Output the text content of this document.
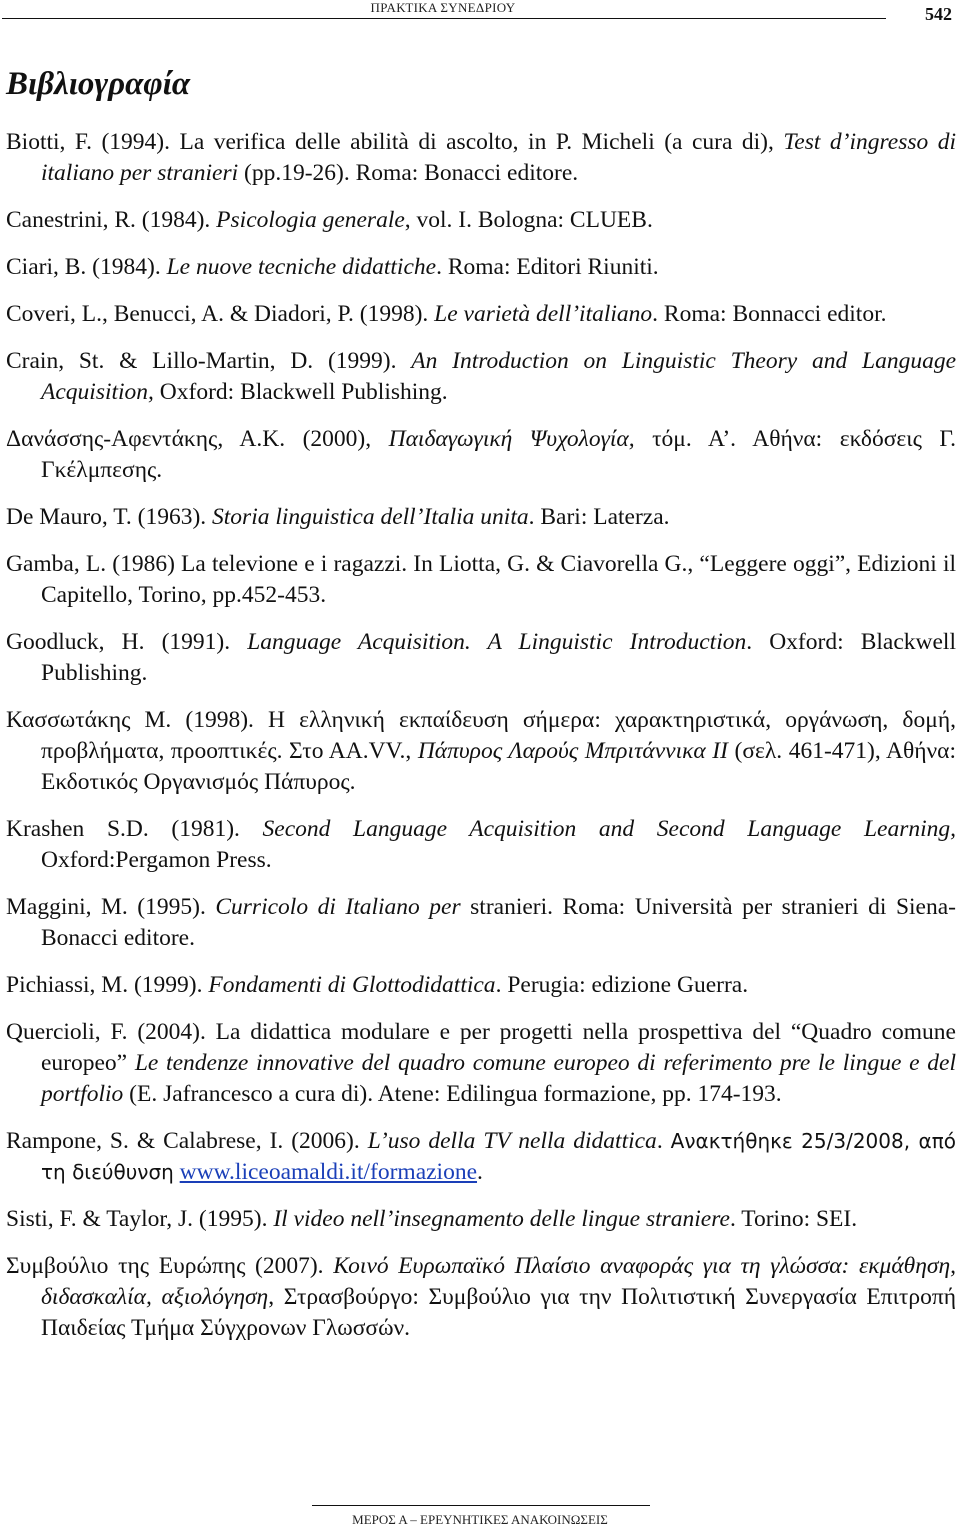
ΠΡΑΚΤΙΚΑ ΣΥΝΕΔΡΙΟΥ	542
Βιβλιογραφία

Biotti, F. (1994). La verifica delle abilità di ascolto, in P. Micheli (a cura di), Test d’ingresso di italiano per stranieri (pp.19-26). Roma: Bonacci editore.

Canestrini, R. (1984). Psicologia generale, vol. I. Bologna: CLUEB.

Ciari, B. (1984). Le nuove tecniche didattiche. Roma: Editori Riuniti.

Coveri, L., Benucci, A. & Diadori, P. (1998). Le varietà dell’italiano. Roma: Bonnacci editor.

Crain, St. & Lillo-Martin, D. (1999). An Introduction on Linguistic Theory and Language Acquisition, Oxford: Blackwell Publishing.

Δανάσσης-Αφεντάκης, Α.Κ. (2000), Παιδαγωγική Ψυχολογία, τόμ. Α’. Αθήνα: εκδόσεις Γ. Γκέλμπεσης.

De Mauro, T. (1963). Storia linguistica dell’Italia unita. Bari: Laterza.

Gamba, L. (1986) La televione e i ragazzi. In Liotta, G. & Ciavorella G., “Leggere oggi”, Edizioni il Capitello, Torino, pp.452-453.

Goodluck, H. (1991). Language Acquisition. A Linguistic Introduction. Oxford: Blackwell Publishing.

Κασσωτάκης Μ. (1998). Η ελληνική εκπαίδευση σήμερα: χαρακτηριστικά, οργάνωση, δομή, προβλήματα, προοπτικές. Στο ΑΑ.VV., Πάπυρος Λαρούς Μπριτάννικα ΙΙ (σελ. 461-471), Αθήνα: Εκδοτικός Οργανισμός Πάπυρος.

Krashen S.D. (1981). Second Language Acquisition and Second Language Learning, Oxford:Pergamon Press.

Maggini, M. (1995). Curricolo di Italiano per stranieri. Roma: Università per stranieri di Siena- Bonacci editore.

Pichiassi, M. (1999). Fondamenti di Glottodidattica. Perugia: edizione Guerra.

Quercioli, F. (2004). La didattica modulare e per progetti nella prospettiva del “Quadro comune europeo” Le tendenze innovative del quadro comune europeo di referimento pre le lingue e del portfolio (E. Jafrancesco a cura di). Atene: Edilingua formazione, pp. 174-193.

Rampone, S. & Calabrese, I. (2006). L’uso della TV nella didattica. Ανακτήθηκε 25/3/2008, από τη διεύθυνση www.liceoamaldi.it/formazione.

Sisti, F. & Taylor, J. (1995). Il video nell’insegnamento delle lingue straniere. Torino: SEI.

Συμβούλιο της Ευρώπης (2007). Κοινό Ευρωπαϊκό Πλαίσιο αναφοράς για τη γλώσσα: εκμάθηση, διδασκαλία, αξιολόγηση, Στρασβούργο: Συμβούλιο για την Πολιτιστική Συνεργασία Επιτροπή Παιδείας Τμήμα Σύγχρονων Γλωσσών.

ΜΕΡΟΣ Α – ΕΡΕΥΝΗΤΙΚΕΣ ΑΝΑΚΟΙΝΩΣΕΙΣ
